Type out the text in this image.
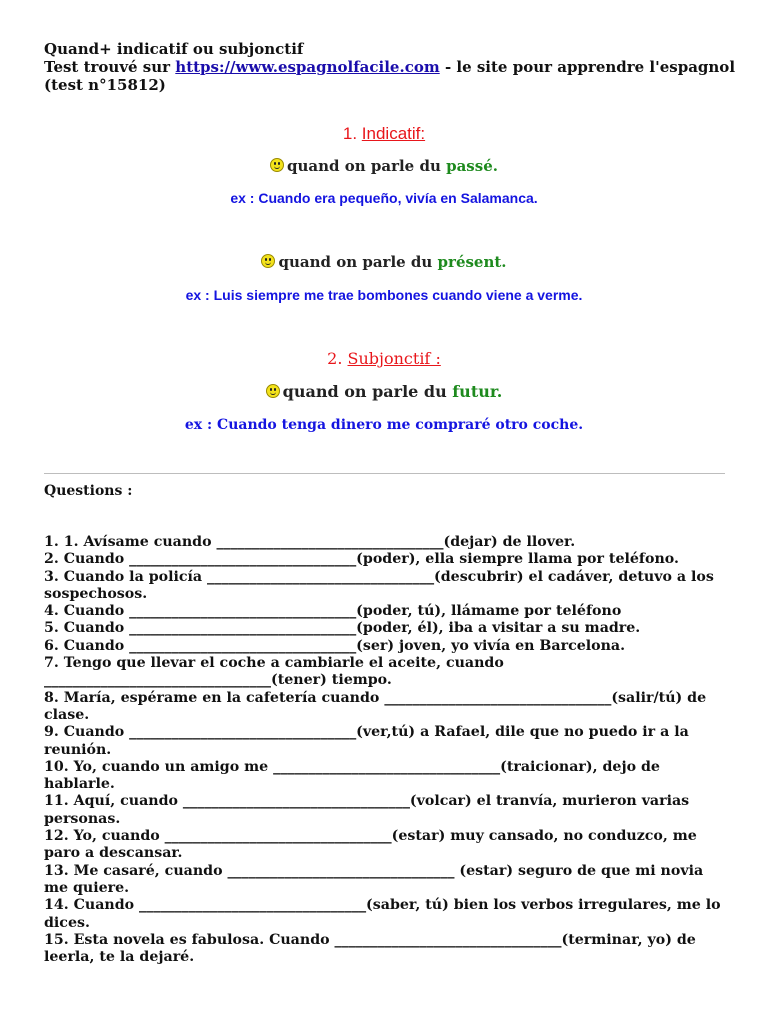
Quand+ indicatif ou subjonctif
Test trouvé sur https://www.espagnolfacile.com - le site pour apprendre l'espagnol
(test n°15812)
1. Indicatif:
quand on parle du passé.
ex : Cuando era pequeño, vivía en Salamanca.
quand on parle du présent.
ex : Luis siempre me trae bombones cuando viene a verme.
2. Subjonctif :
quand on parle du futur.
ex : Cuando tenga dinero me compraré otro coche.
Questions :

1. 1. Avísame cuando ________________________________(dejar) de llover.

2. Cuando ________________________________(poder), ella siempre llama por teléfono.

3. Cuando la policía ________________________________(descubrir) el cadáver, detuvo a los sospechosos.

4. Cuando ________________________________(poder, tú), llámame por teléfono

5. Cuando ________________________________(poder, él), iba a visitar a su madre.

6. Cuando ________________________________(ser) joven, yo vivía en Barcelona.

7. Tengo que llevar el coche a cambiarle el aceite, cuando ________________________________(tener) tiempo.

8. María, espérame en la cafetería cuando ________________________________(salir/tú) de clase.

9. Cuando ________________________________(ver,tú) a Rafael, dile que no puedo ir a la reunión.

10. Yo, cuando un amigo me ________________________________(traicionar), dejo de hablarle.

11. Aquí, cuando ________________________________(volcar) el tranvía, murieron varias personas.

12. Yo, cuando ________________________________(estar) muy cansado, no conduzco, me paro a descansar.

13. Me casaré, cuando ________________________________ (estar) seguro de que mi novia me quiere.

14. Cuando ________________________________(saber, tú) bien los verbos irregulares, me lo dices.

15. Esta novela es fabulosa. Cuando ________________________________(terminar, yo) de leerla, te la dejaré.
